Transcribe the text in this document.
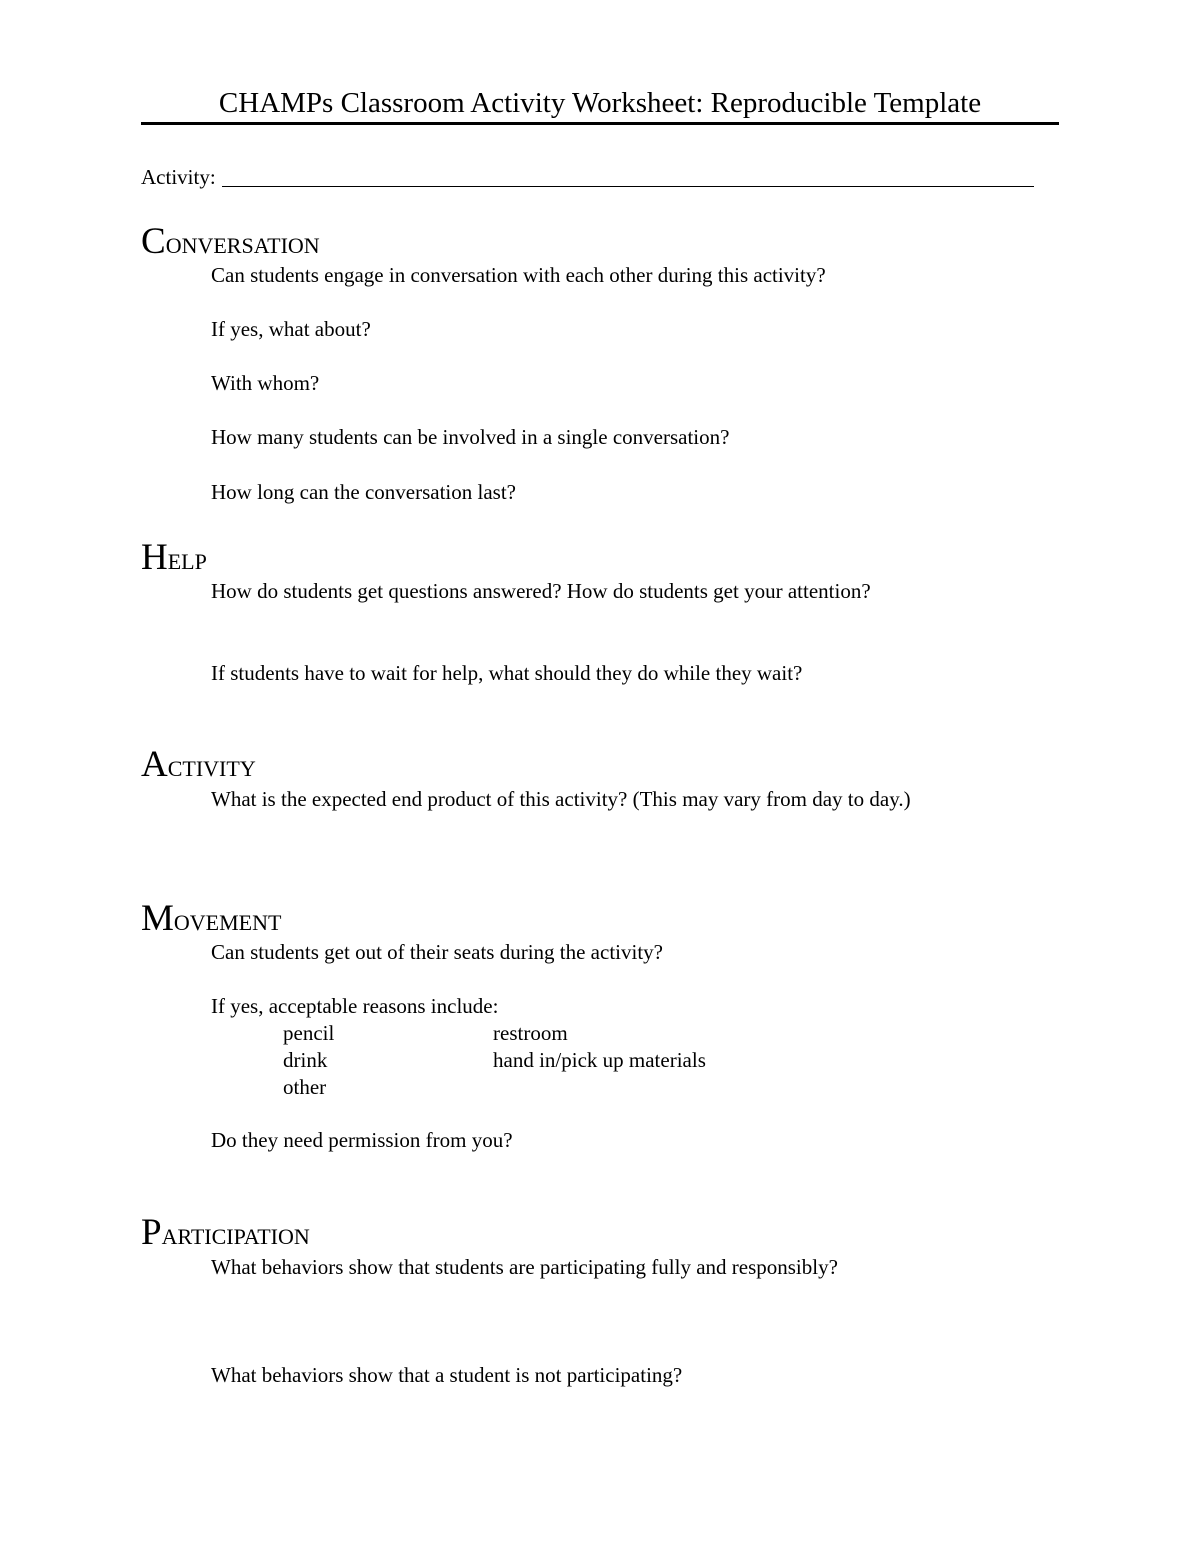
CHAMPs Classroom Activity Worksheet: Reproducible Template
Activity:
CONVERSATION
Can students engage in conversation with each other during this activity?
If yes, what about?
With whom?
How many students can be involved in a single conversation?
How long can the conversation last?
HELP
How do students get questions answered? How do students get your attention?
If students have to wait for help, what should they do while they wait?
ACTIVITY
What is the expected end product of this activity? (This may vary from day to day.)
MOVEMENT
Can students get out of their seats during the activity?
If yes, acceptable reasons include:
pencil
drink
other
restroom
hand in/pick up materials
Do they need permission from you?
PARTICIPATION
What behaviors show that students are participating fully and responsibly?
What behaviors show that a student is not participating?
